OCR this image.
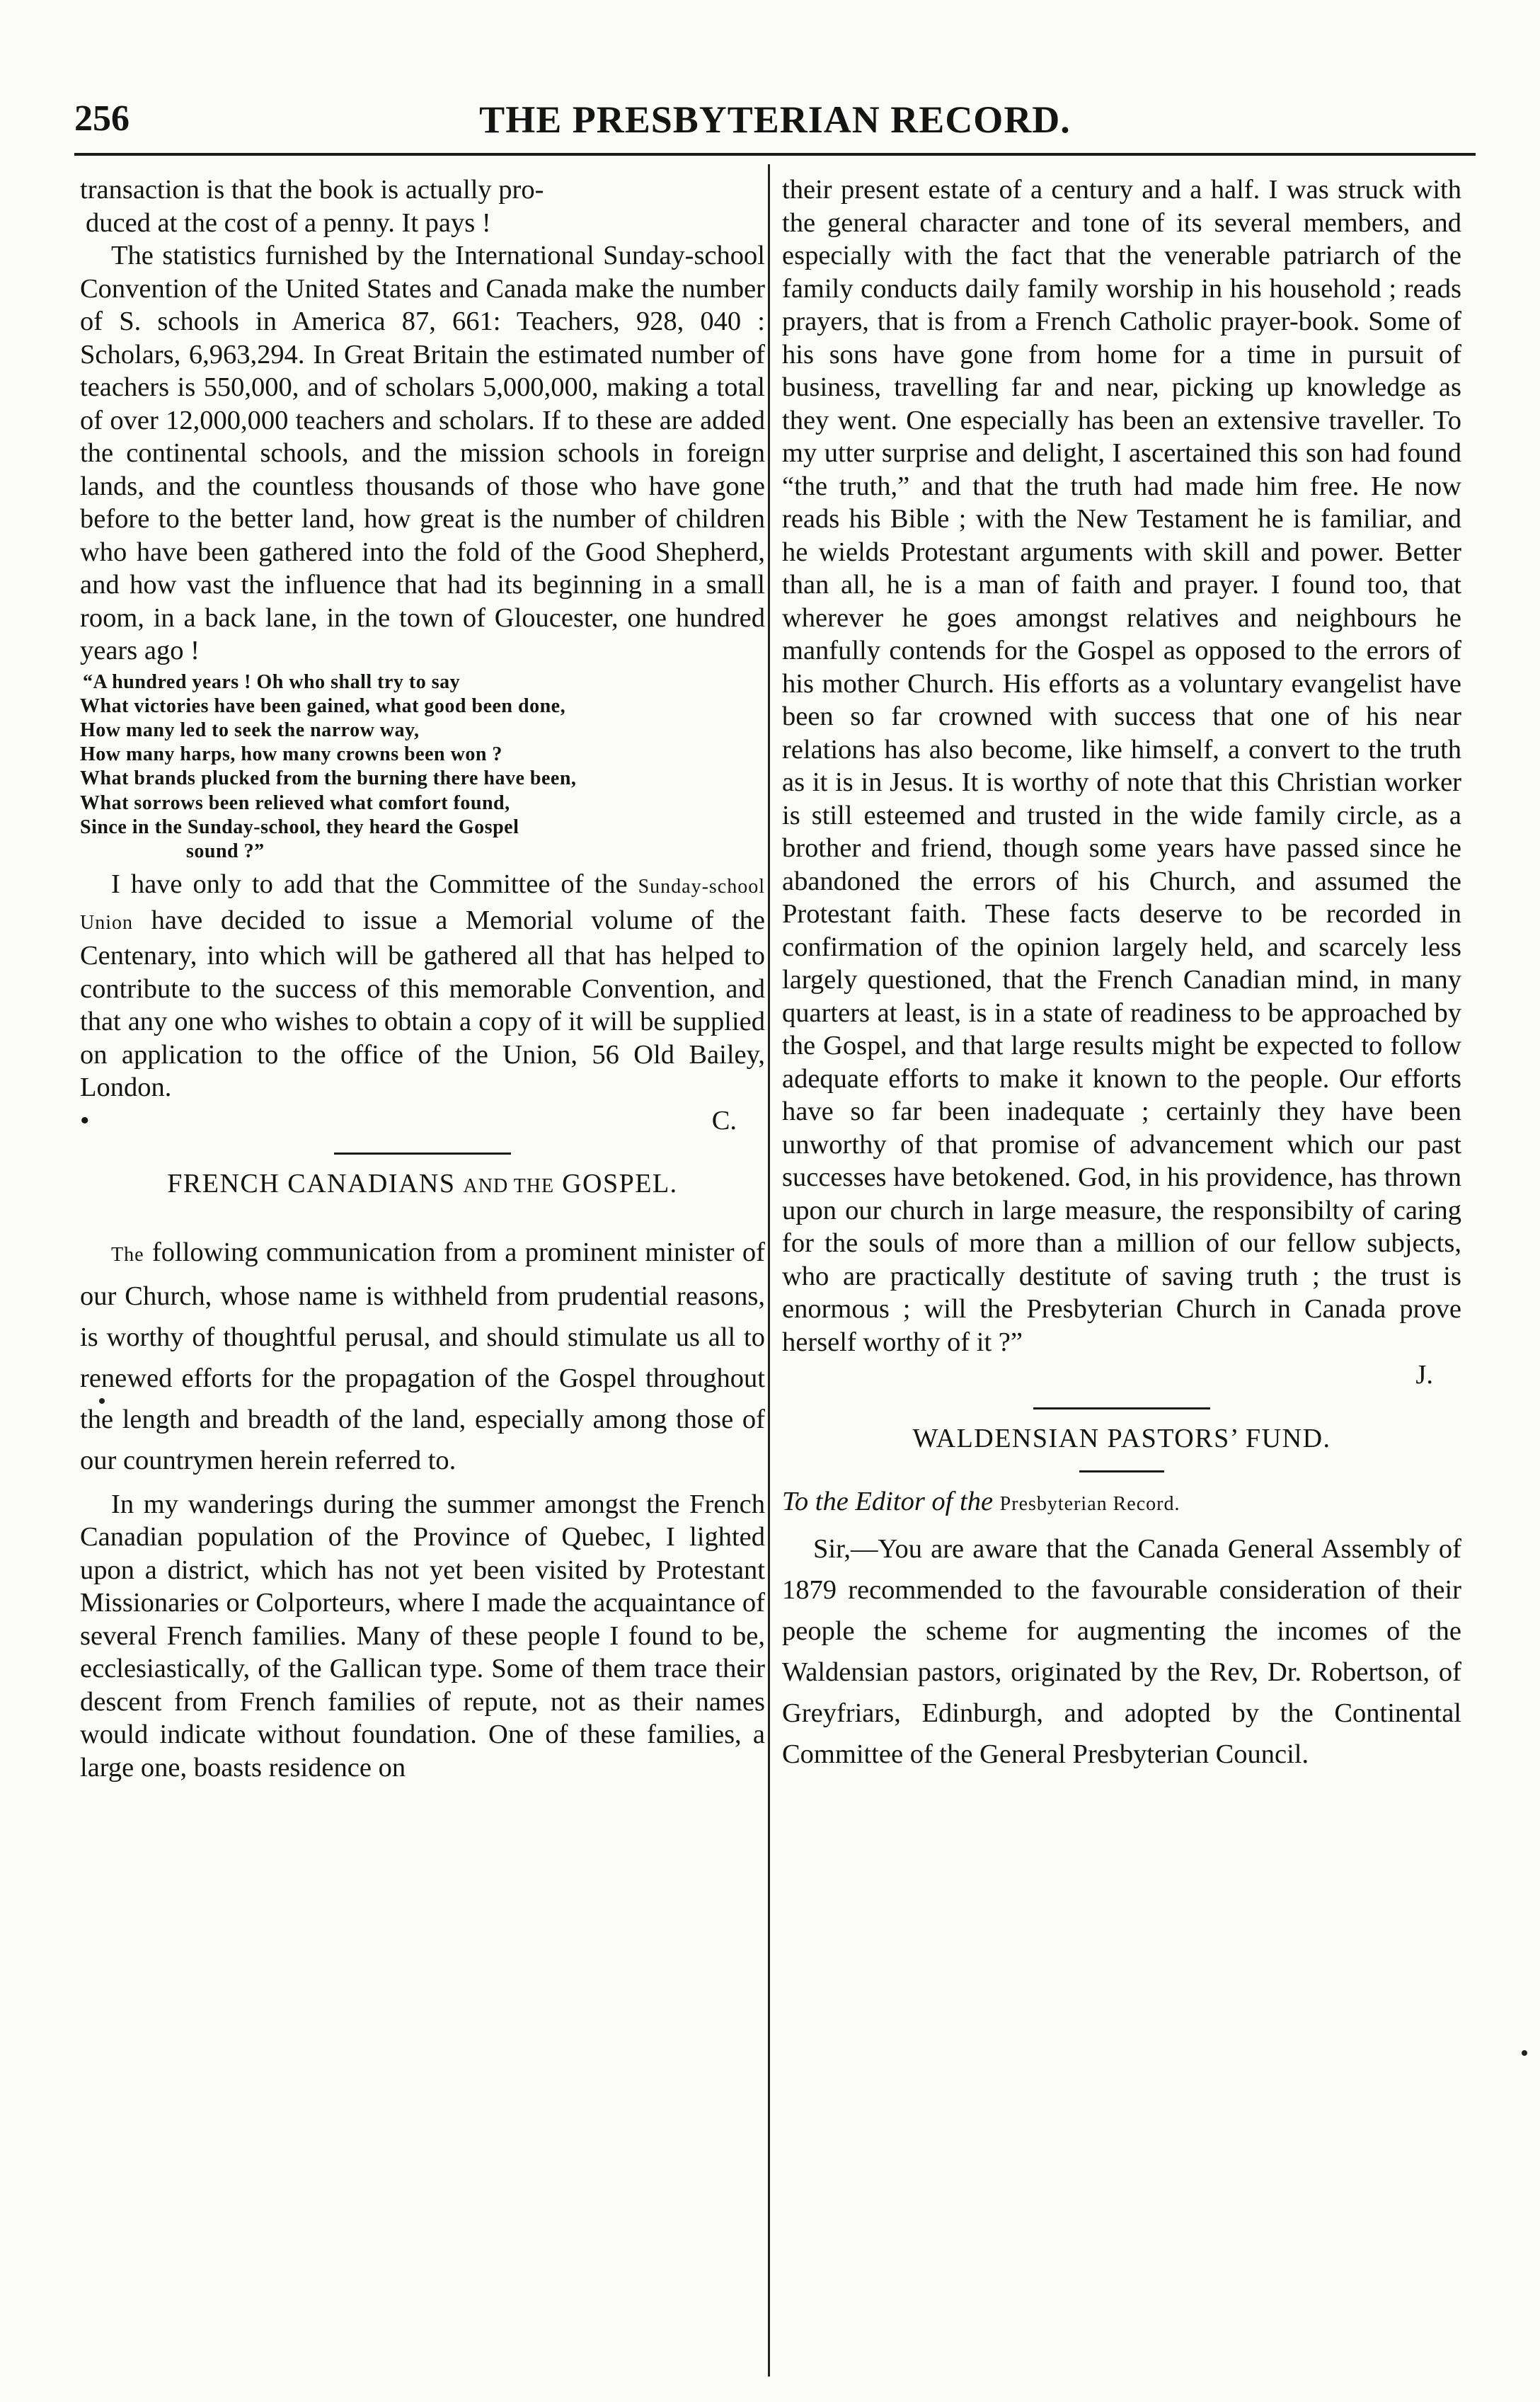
256	THE PRESBYTERIAN RECORD.

transaction is that the book is actually pro-
duced at the cost of a penny. It pays !

The statistics furnished by the International Sunday-school Convention of the United States and Canada make the number of S. schools in America 87, 661: Teachers, 928, 040 : Scholars, 6,963,294. In Great Britain the estimated number of teachers is 550,000, and of scholars 5,000,000, making a total of over 12,000,000 teachers and scholars. If to these are added the continental schools, and the mission schools in foreign lands, and the countless thousands of those who have gone before to the better land, how great is the number of children who have been gathered into the fold of the Good Shepherd, and how vast the influence that had its beginning in a small room, in a back lane, in the town of Gloucester, one hundred years ago !

“A hundred years ! Oh who shall try to say
What victories have been gained, what good been done,
How many led to seek the narrow way,
How many harps, how many crowns been won ?
What brands plucked from the burning there have been,
What sorrows been relieved what comfort found,
Since in the Sunday-school, they heard the Gospel
sound ?”

I have only to add that the Committee of the Sunday-school Union have decided to issue a Memorial volume of the Centenary, into which will be gathered all that has helped to contribute to the success of this memorable Convention, and that any one who wishes to obtain a copy of it will be supplied on application to the office of the Union, 56 Old Bailey, London.

•	C.
FRENCH CANADIANS AND THE GOSPEL.

The following communication from a prominent minister of our Church, whose name is withheld from prudential reasons, is worthy of thoughtful perusal, and should stimulate us all to renewed efforts for the propagation of the Gospel throughout the length and breadth of the land, especially among those of our countrymen herein referred to.

In my wanderings during the summer amongst the French Canadian population of the Province of Quebec, I lighted upon a district, which has not yet been visited by Protestant Missionaries or Colporteurs, where I made the acquaintance of several French families. Many of these people I found to be, ecclesiastically, of the Gallican type. Some of them trace their descent from French families of repute, not as their names would indicate without foundation. One of these families, a large one, boasts residence on

their present estate of a century and a half. I was struck with the general character and tone of its several members, and especially with the fact that the venerable patriarch of the family conducts daily family worship in his household ; reads prayers, that is from a French Catholic prayer-book. Some of his sons have gone from home for a time in pursuit of business, travelling far and near, picking up knowledge as they went. One especially has been an extensive traveller. To my utter surprise and delight, I ascertained this son had found “the truth,” and that the truth had made him free. He now reads his Bible ; with the New Testament he is familiar, and he wields Protestant arguments with skill and power. Better than all, he is a man of faith and prayer. I found too, that wherever he goes amongst relatives and neighbours he manfully contends for the Gospel as opposed to the errors of his mother Church. His efforts as a voluntary evangelist have been so far crowned with success that one of his near relations has also become, like himself, a convert to the truth as it is in Jesus. It is worthy of note that this Christian worker is still esteemed and trusted in the wide family circle, as a brother and friend, though some years have passed since he abandoned the errors of his Church, and assumed the Protestant faith. These facts deserve to be recorded in confirmation of the opinion largely held, and scarcely less largely questioned, that the French Canadian mind, in many quarters at least, is in a state of readiness to be approached by the Gospel, and that large results might be expected to follow adequate efforts to make it known to the people. Our efforts have so far been inadequate ; certainly they have been unworthy of that promise of advancement which our past successes have betokened. God, in his providence, has thrown upon our church in large measure, the responsibilty of caring for the souls of more than a million of our fellow subjects, who are practically destitute of saving truth ; the trust is enormous ; will the Presbyterian Church in Canada prove herself worthy of it ?”

J.
WALDENSIAN PASTORS’ FUND.

To the Editor of the Presbyterian Record.

Sir,—You are aware that the Canada General Assembly of 1879 recommended to the favourable consideration of their people the scheme for augmenting the incomes of the Waldensian pastors, originated by the Rev, Dr. Robertson, of Greyfriars, Edinburgh, and adopted by the Continental Committee of the General Presbyterian Council.
